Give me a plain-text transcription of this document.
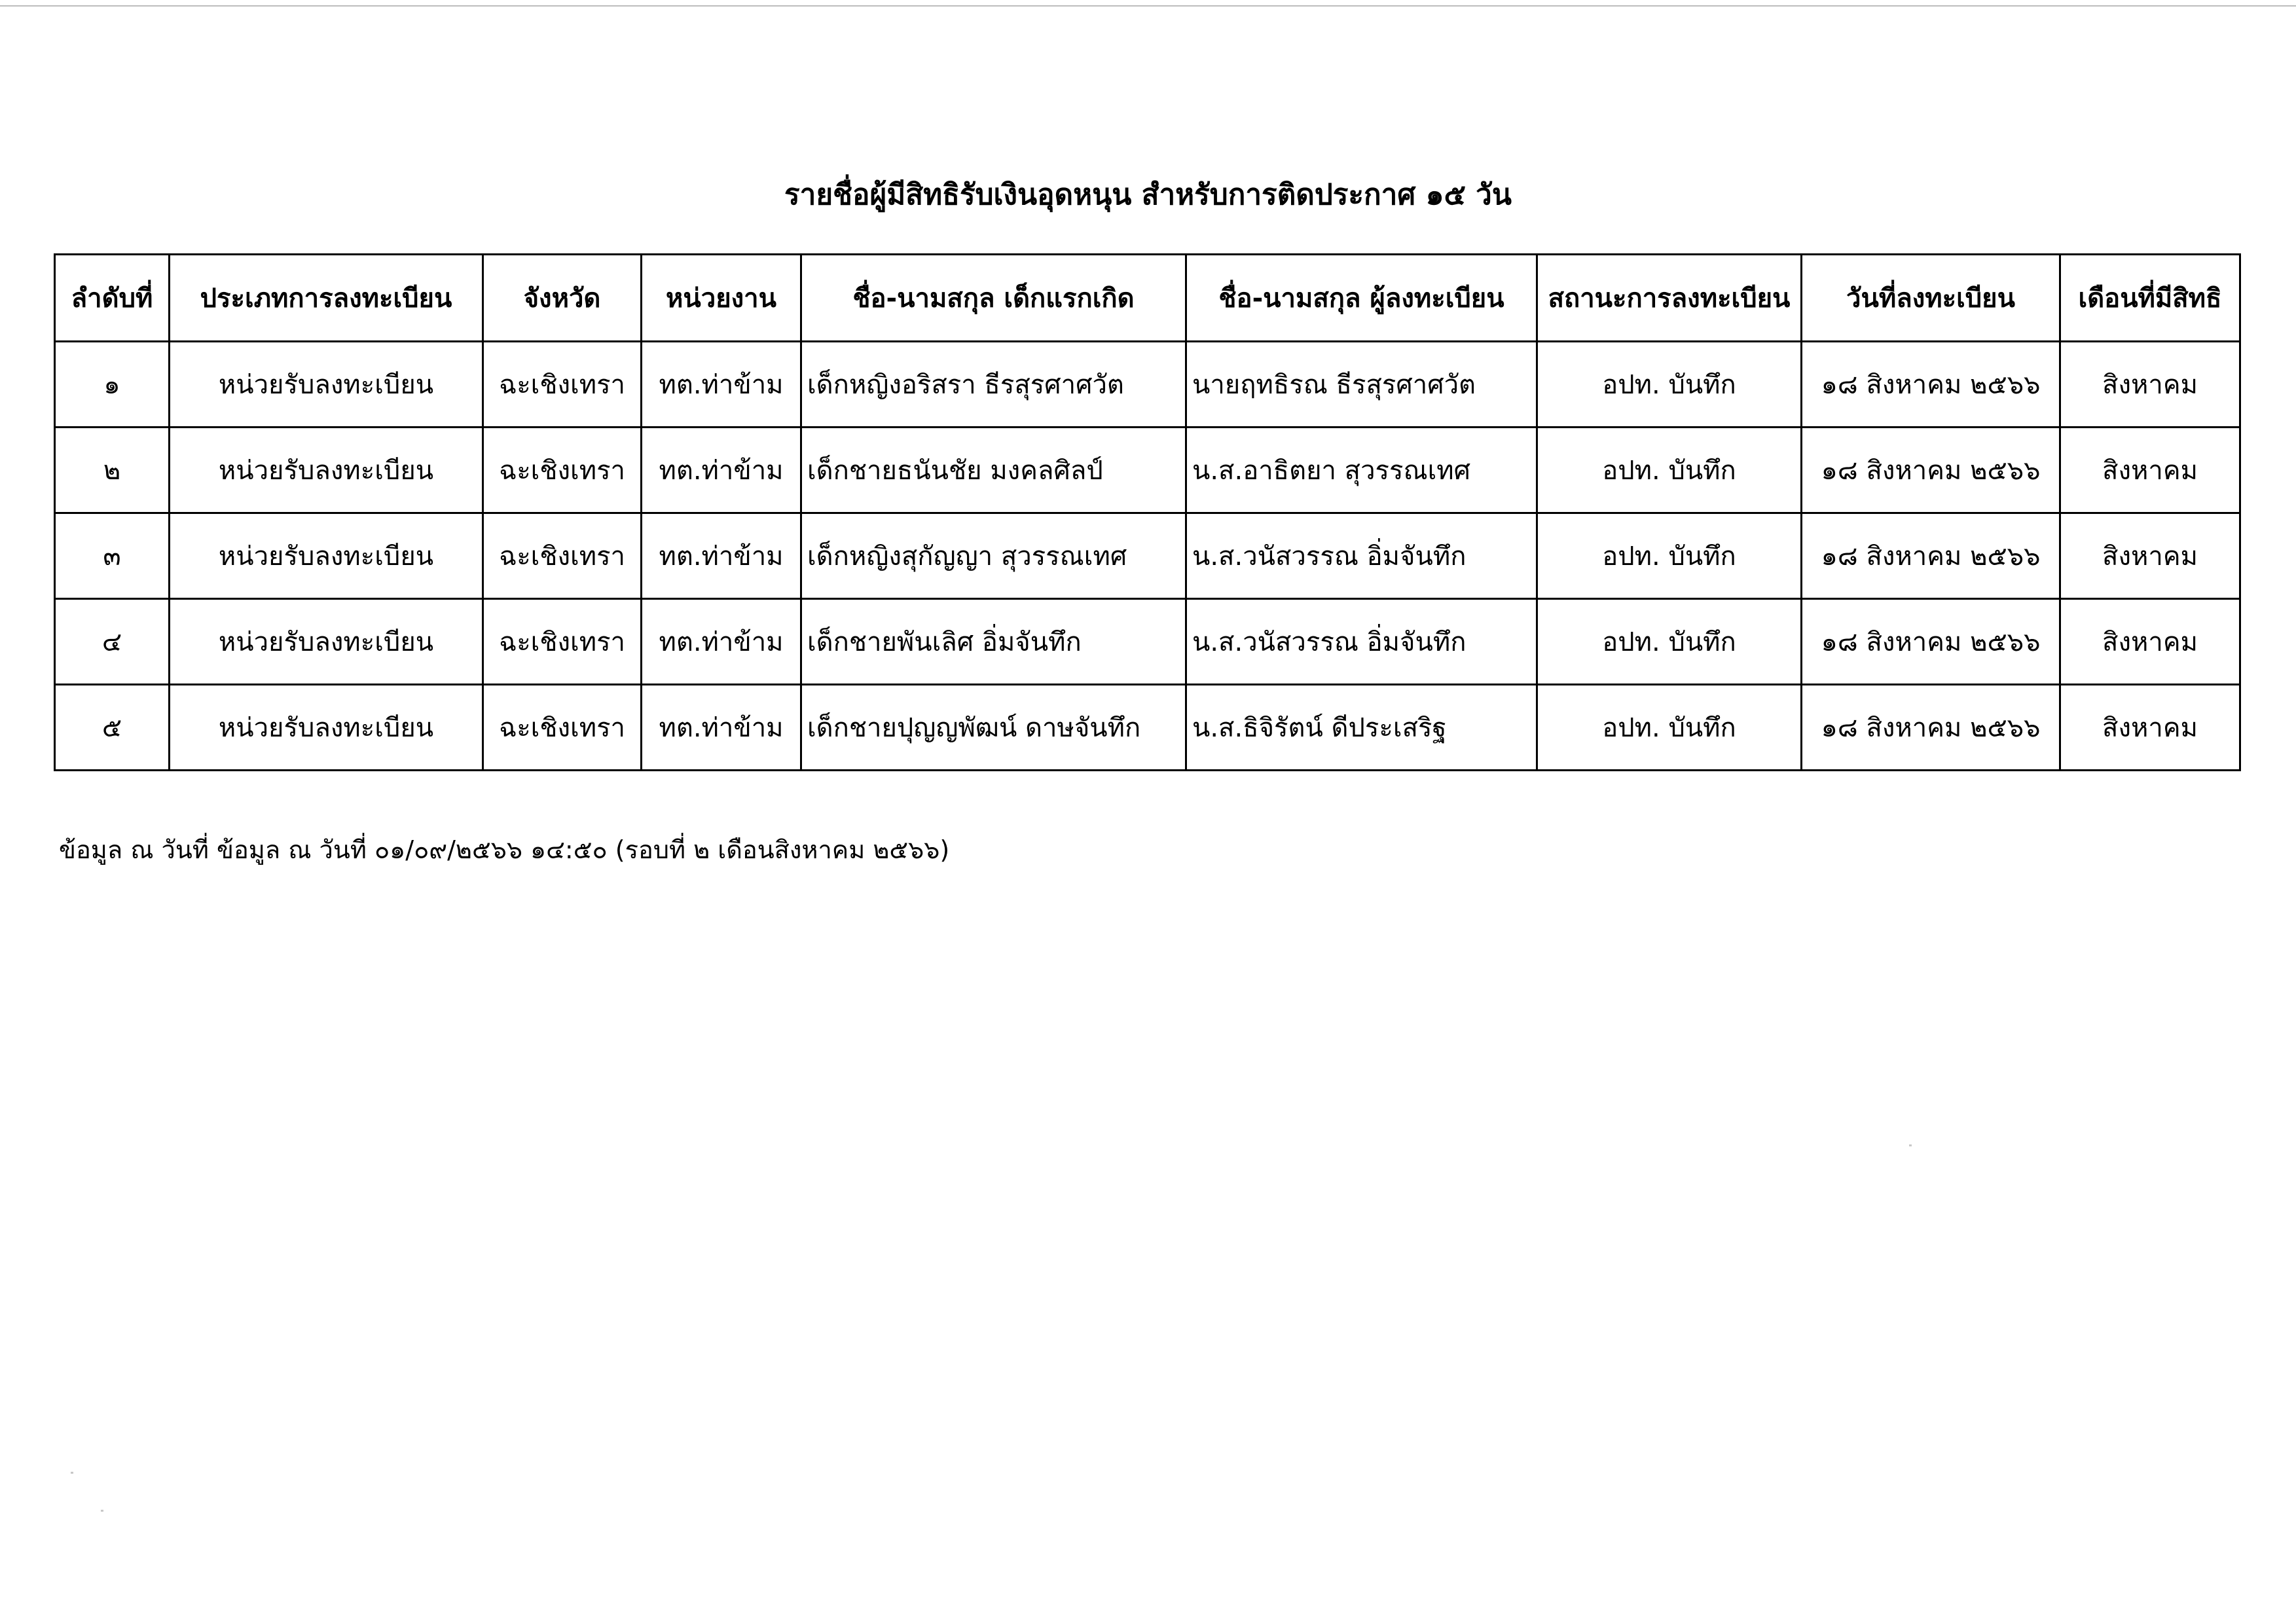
รายชื่อผู้มีสิทธิรับเงินอุดหนุน สำหรับการติดประกาศ ๑๕ วัน
ลำดับที่	ประเภทการลงทะเบียน	จังหวัด	หน่วยงาน	ชื่อ-นามสกุล เด็กแรกเกิด	ชื่อ-นามสกุล ผู้ลงทะเบียน	สถานะการลงทะเบียน	วันที่ลงทะเบียน	เดือนที่มีสิทธิ
๑	หน่วยรับลงทะเบียน	ฉะเชิงเทรา	ทต.ท่าข้าม	เด็กหญิงอริสรา ธีรสุรศาศวัต	นายฤทธิรณ ธีรสุรศาศวัต	อปท. บันทึก	๑๘ สิงหาคม ๒๕๖๖	สิงหาคม
๒	หน่วยรับลงทะเบียน	ฉะเชิงเทรา	ทต.ท่าข้าม	เด็กชายธนันชัย มงคลศิลป์	น.ส.อาธิตยา สุวรรณเทศ	อปท. บันทึก	๑๘ สิงหาคม ๒๕๖๖	สิงหาคม
๓	หน่วยรับลงทะเบียน	ฉะเชิงเทรา	ทต.ท่าข้าม	เด็กหญิงสุกัญญา สุวรรณเทศ	น.ส.วนัสวรรณ อิ่มจันทึก	อปท. บันทึก	๑๘ สิงหาคม ๒๕๖๖	สิงหาคม
๔	หน่วยรับลงทะเบียน	ฉะเชิงเทรา	ทต.ท่าข้าม	เด็กชายพันเลิศ อิ่มจันทึก	น.ส.วนัสวรรณ อิ่มจันทึก	อปท. บันทึก	๑๘ สิงหาคม ๒๕๖๖	สิงหาคม
๕	หน่วยรับลงทะเบียน	ฉะเชิงเทรา	ทต.ท่าข้าม	เด็กชายปุญญพัฒน์ ดาษจันทึก	น.ส.ธิจิรัตน์ ดีประเสริฐ	อปท. บันทึก	๑๘ สิงหาคม ๒๕๖๖	สิงหาคม
ข้อมูล ณ วันที่ ข้อมูล ณ วันที่ ๐๑/๐๙/๒๕๖๖ ๑๔:๕๐ (รอบที่ ๒ เดือนสิงหาคม ๒๕๖๖)
